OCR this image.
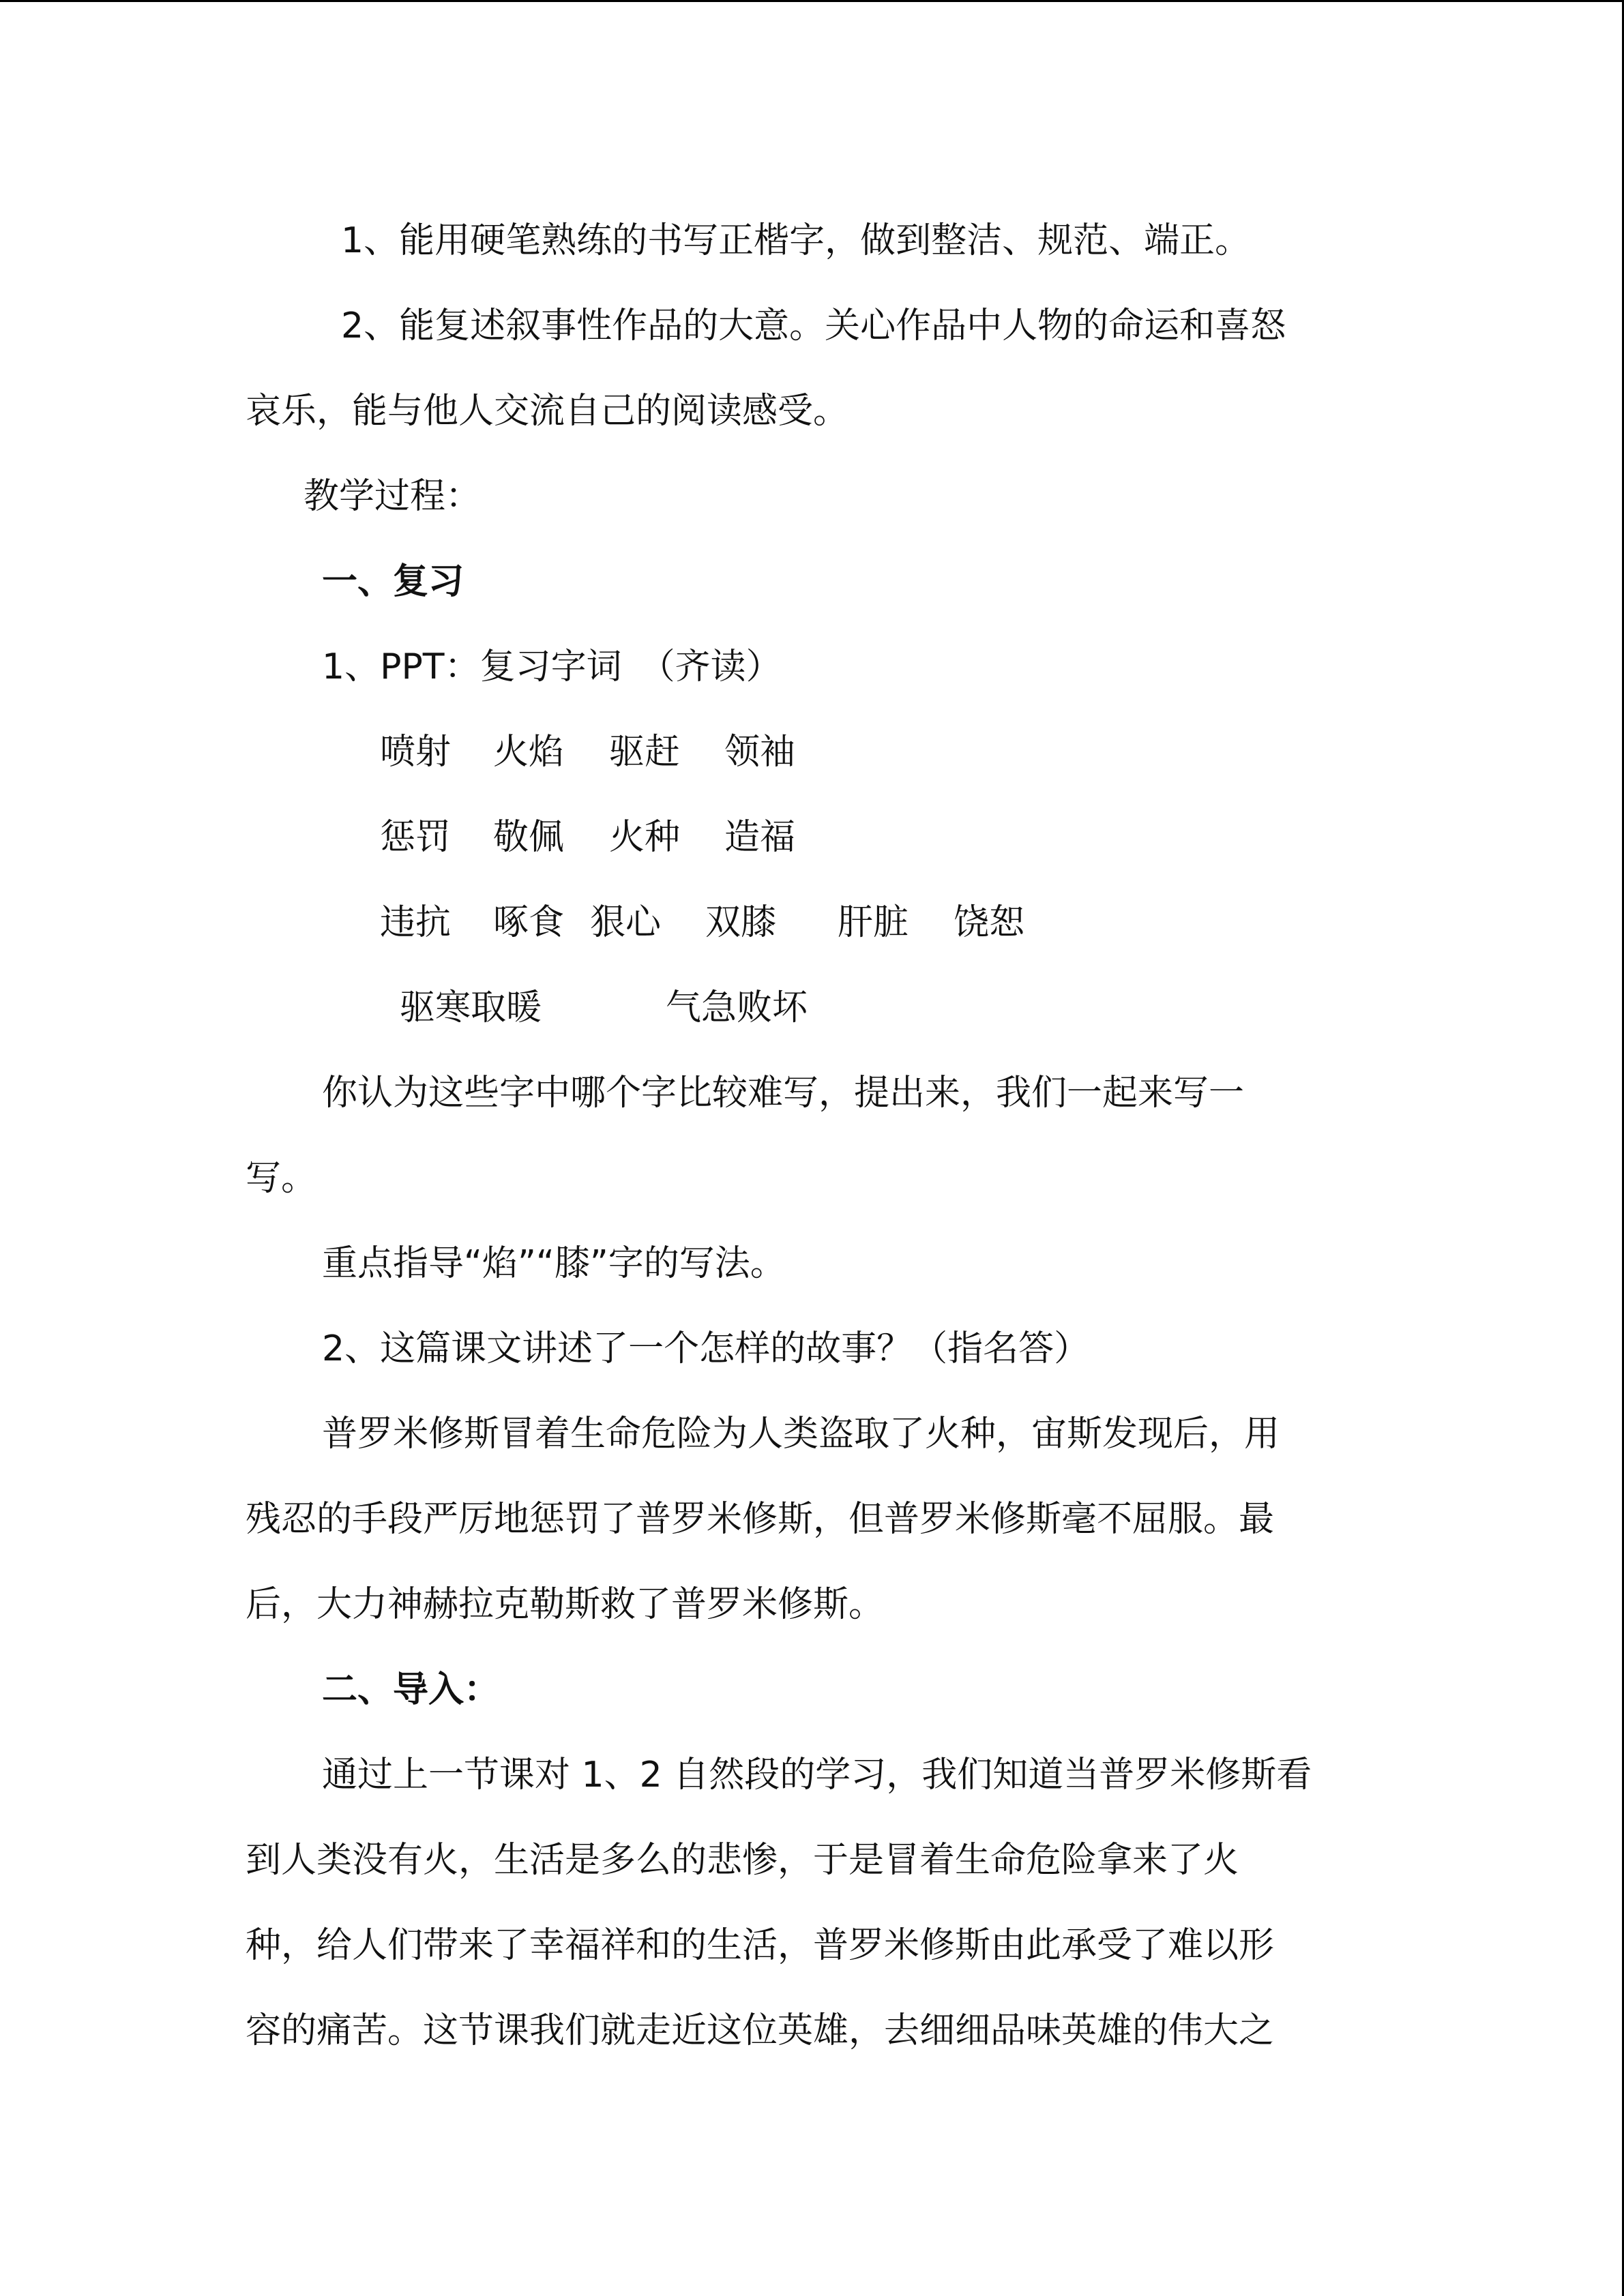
1、能用硬笔熟练的书写正楷字，做到整洁、规范、端正。

2、能复述叙事性作品的大意。关心作品中人物的命运和喜怒

哀乐，能与他人交流自己的阅读感受。

教学过程：

一、复习

1、PPT：复习字词　（齐读）

喷射 火焰 驱赶 领袖
惩罚 敬佩 火种 造福
违抗 啄食 狠心 双膝 肝脏 饶恕
驱寒取暖	气急败坏

你认为这些字中哪个字比较难写，提出来，我们一起来写一

写。

重点指导“焰”“膝”字的写法。

2、这篇课文讲述了一个怎样的故事？（指名答）

普罗米修斯冒着生命危险为人类盗取了火种，宙斯发现后，用

残忍的手段严厉地惩罚了普罗米修斯，但普罗米修斯毫不屈服。最

后，大力神赫拉克勒斯救了普罗米修斯。

二、导入：

通过上一节课对 1、2 自然段的学习，我们知道当普罗米修斯看

到人类没有火，生活是多么的悲惨，于是冒着生命危险拿来了火

种，给人们带来了幸福祥和的生活，普罗米修斯由此承受了难以形

容的痛苦。这节课我们就走近这位英雄，去细细品味英雄的伟大之
